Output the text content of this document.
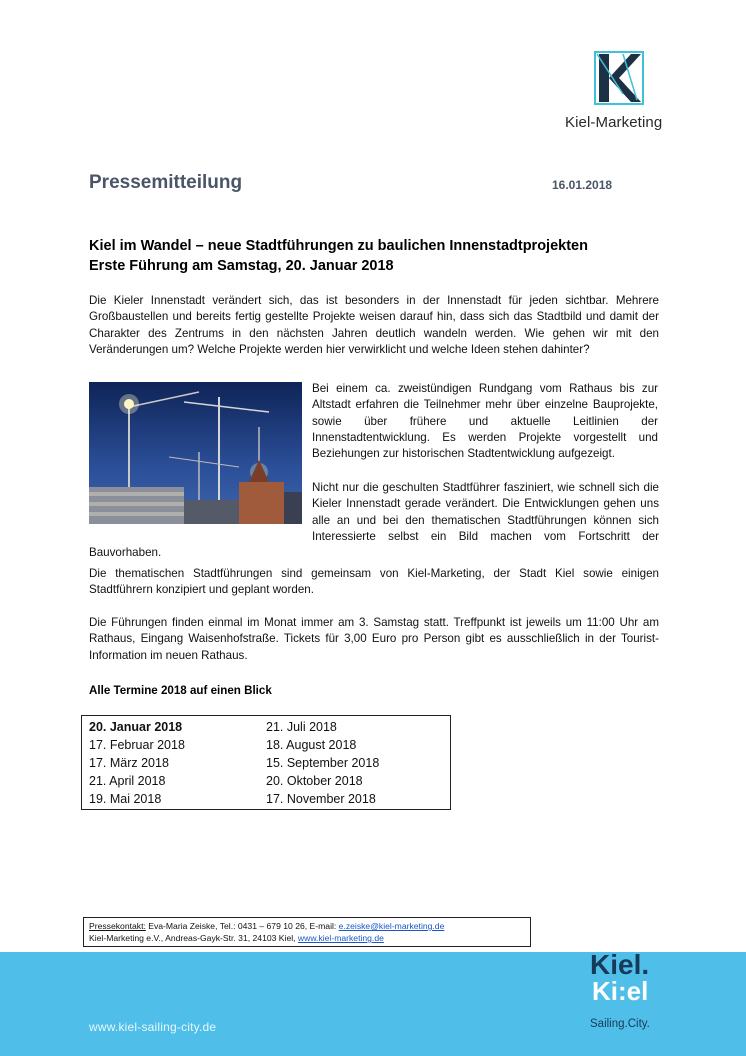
Kiel-Marketing
Pressemitteilung	16.01.2018
Kiel im Wandel – neue Stadtführungen zu baulichen Innenstadtprojekten
Erste Führung am Samstag, 20. Januar 2018
Die Kieler Innenstadt verändert sich, das ist besonders in der Innenstadt für jeden sichtbar. Mehrere Großbaustellen und bereits fertig gestellte Projekte weisen darauf hin, dass sich das Stadtbild und damit der Charakter des Zentrums in den nächsten Jahren deutlich wandeln werden. Wie gehen wir mit den Veränderungen um? Welche Projekte werden hier verwirklicht und welche Ideen stehen dahinter?
Bei einem ca. zweistündigen Rundgang vom Rathaus bis zur Altstadt erfahren die Teilnehmer mehr über einzelne Bauprojekte, sowie über frühere und aktuelle Leitlinien der Innenstadtentwicklung. Es werden Projekte vorgestellt und Beziehungen zur historischen Stadtentwicklung aufgezeigt.
Nicht nur die geschulten Stadtführer fasziniert, wie schnell sich die Kieler Innenstadt gerade verändert. Die Entwicklungen gehen uns alle an und bei den thematischen Stadtführungen können sich Interessierte selbst ein Bild machen vom Fortschritt der Bauvorhaben.
Die thematischen Stadtführungen sind gemeinsam von Kiel-Marketing, der Stadt Kiel sowie einigen Stadtführern konzipiert und geplant worden.
Die Führungen finden einmal im Monat immer am 3. Samstag statt. Treffpunkt ist jeweils um 11:00 Uhr am Rathaus, Eingang Waisenhofstraße. Tickets für 3,00 Euro pro Person gibt es ausschließlich in der Tourist-Information im neuen Rathaus.
Alle Termine 2018 auf einen Blick
20. Januar 2018
17. Februar 2018
17. März 2018
21. April 2018
19. Mai 2018
21. Juli 2018
18. August 2018
15. September 2018
20. Oktober 2018
17. November 2018
Pressekontakt: Eva-Maria Zeiske, Tel.: 0431 – 679 10 26, E-mail: e.zeiske@kiel-marketing.de
Kiel-Marketing e.V., Andreas-Gayk-Str. 31, 24103 Kiel, www.kiel-marketing.de
www.kiel-sailing-city.de
Kiel.
Ki:el
Sailing.City.
